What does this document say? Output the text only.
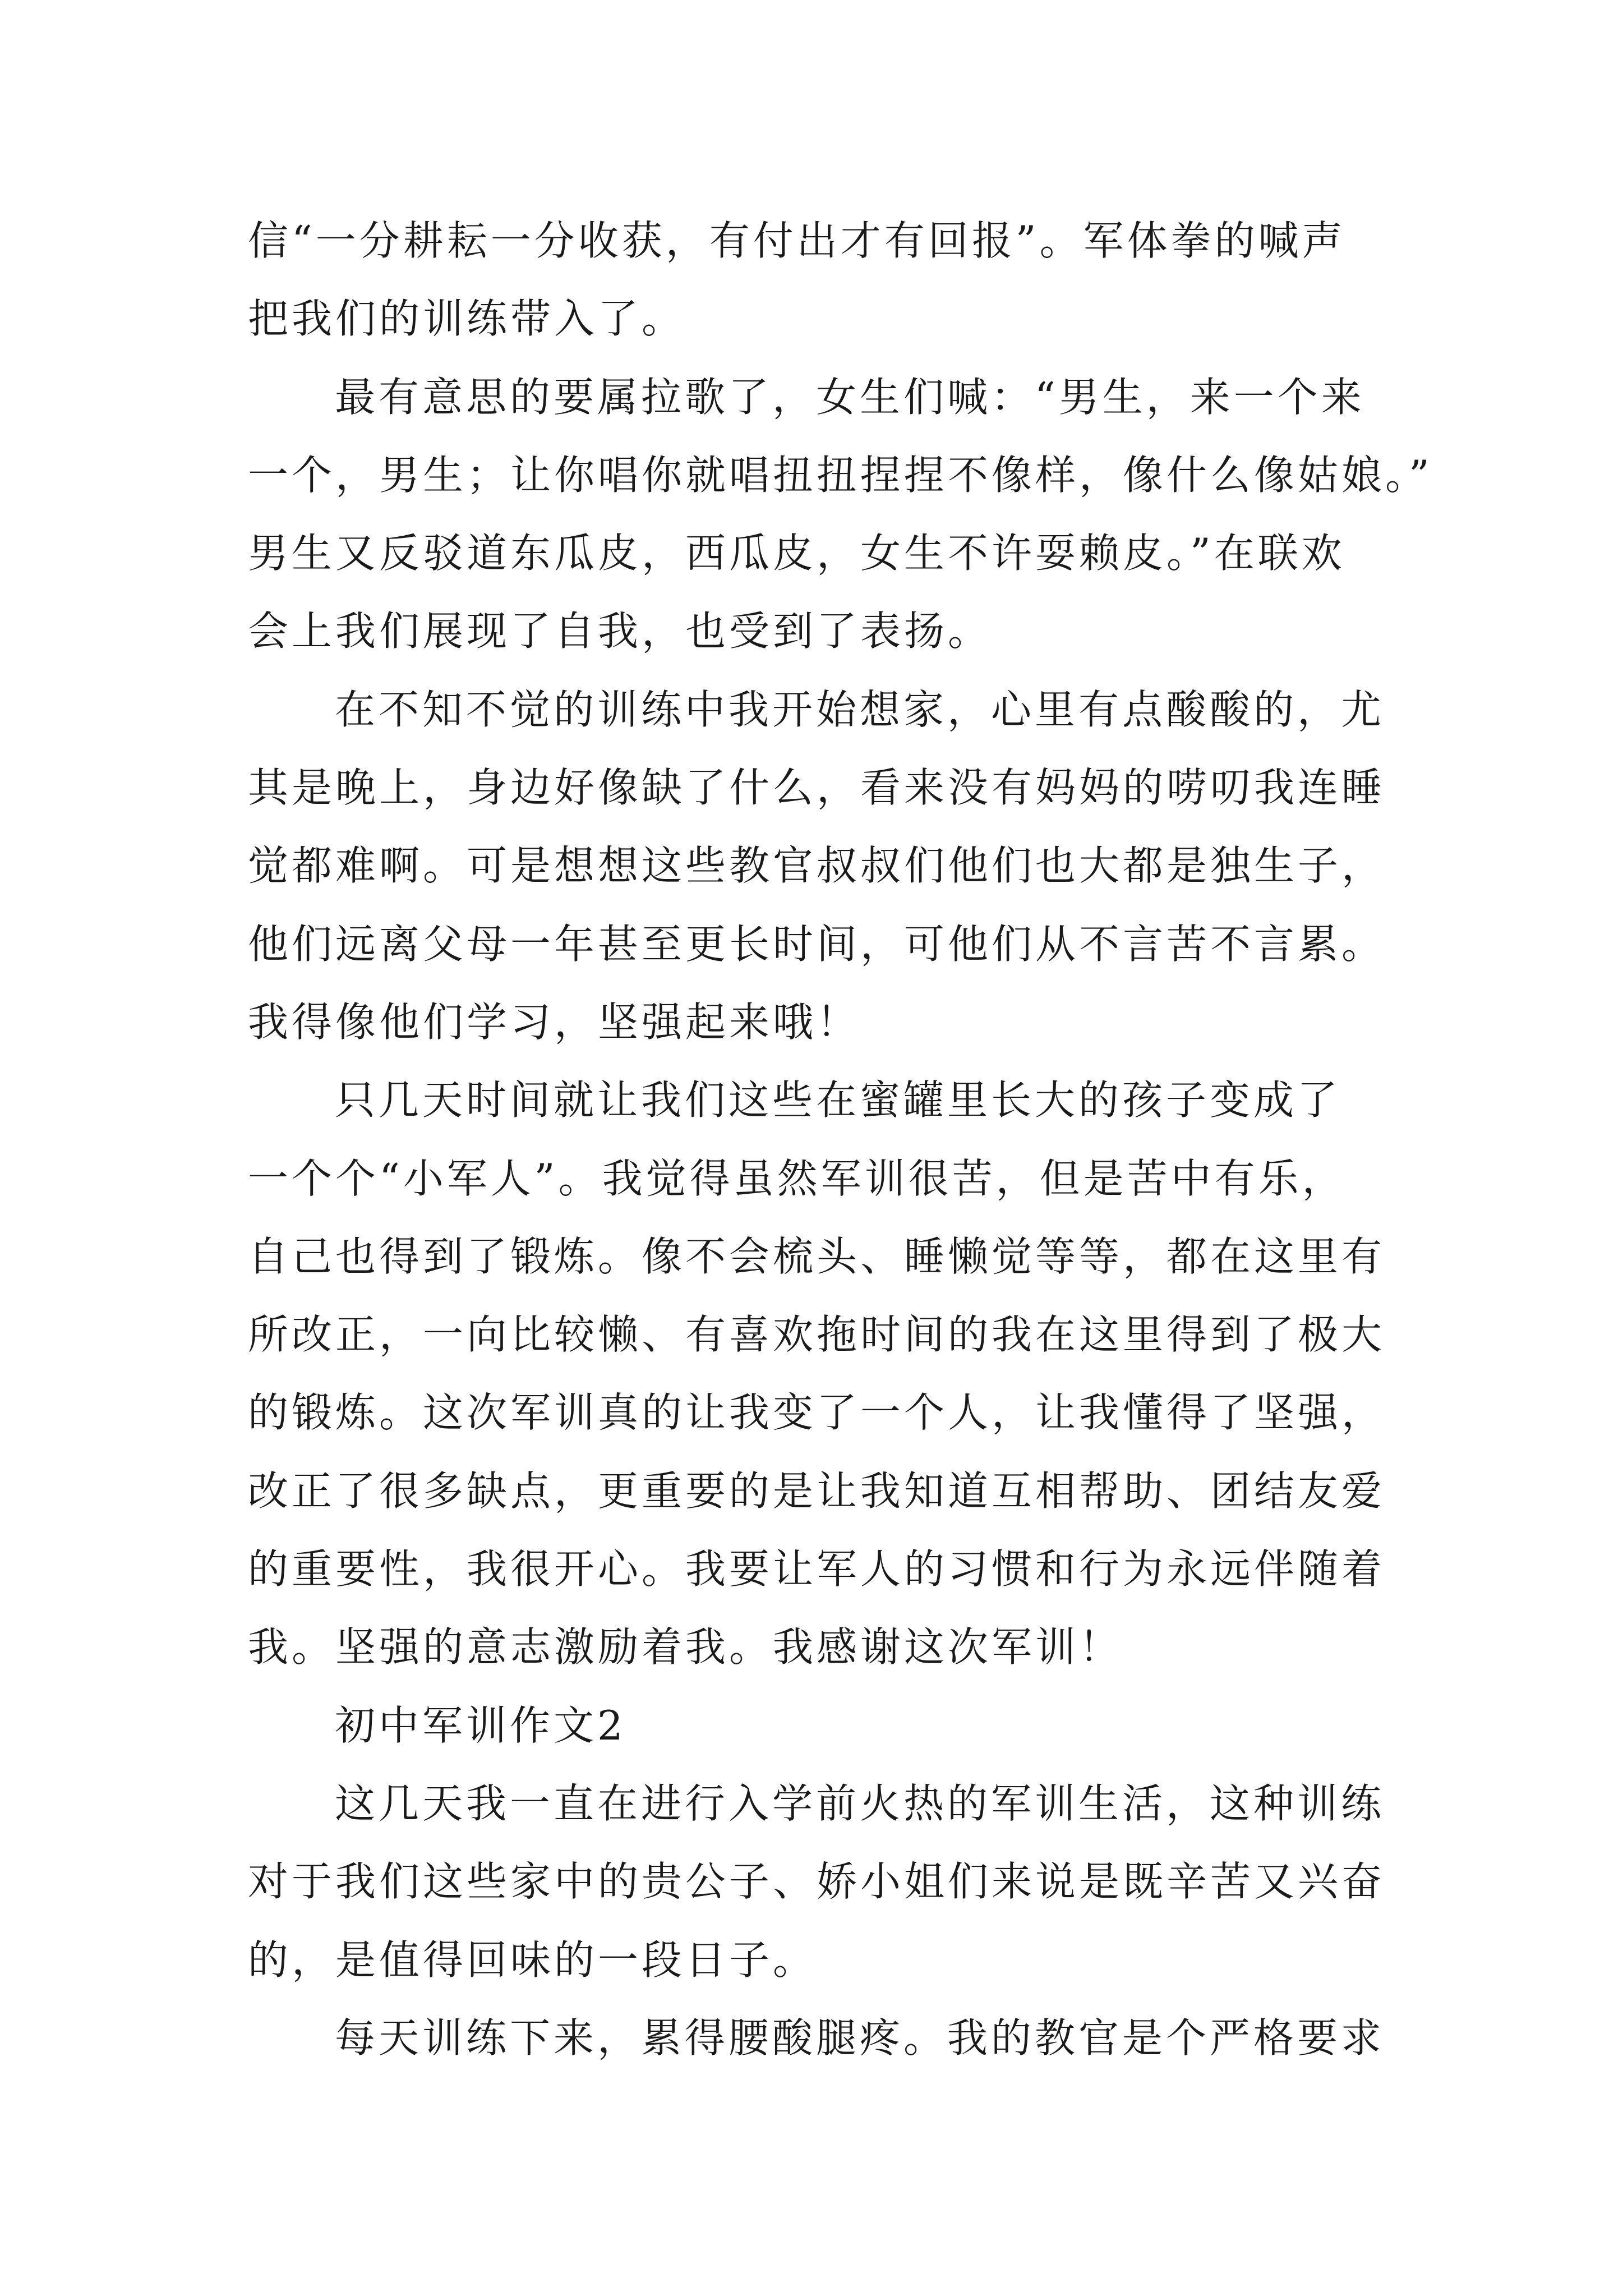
信“一分耕耘一分收获，有付出才有回报”。军体拳的喊声
把我们的训练带入了。
最有意思的要属拉歌了，女生们喊：“男生，来一个来
一个，男生；让你唱你就唱扭扭捏捏不像样，像什么像姑娘。”
男生又反驳道东瓜皮，西瓜皮，女生不许耍赖皮。”在联欢
会上我们展现了自我，也受到了表扬。
在不知不觉的训练中我开始想家，心里有点酸酸的，尤
其是晚上，身边好像缺了什么，看来没有妈妈的唠叨我连睡
觉都难啊。可是想想这些教官叔叔们他们也大都是独生子，
他们远离父母一年甚至更长时间，可他们从不言苦不言累。
我得像他们学习，坚强起来哦！
只几天时间就让我们这些在蜜罐里长大的孩子变成了
一个个“小军人”。我觉得虽然军训很苦，但是苦中有乐，
自己也得到了锻炼。像不会梳头、睡懒觉等等，都在这里有
所改正，一向比较懒、有喜欢拖时间的我在这里得到了极大
的锻炼。这次军训真的让我变了一个人，让我懂得了坚强，
改正了很多缺点，更重要的是让我知道互相帮助、团结友爱
的重要性，我很开心。我要让军人的习惯和行为永远伴随着
我。坚强的意志激励着我。我感谢这次军训！
初中军训作文2
这几天我一直在进行入学前火热的军训生活，这种训练
对于我们这些家中的贵公子、娇小姐们来说是既辛苦又兴奋
的，是值得回味的一段日子。
每天训练下来，累得腰酸腿疼。我的教官是个严格要求
